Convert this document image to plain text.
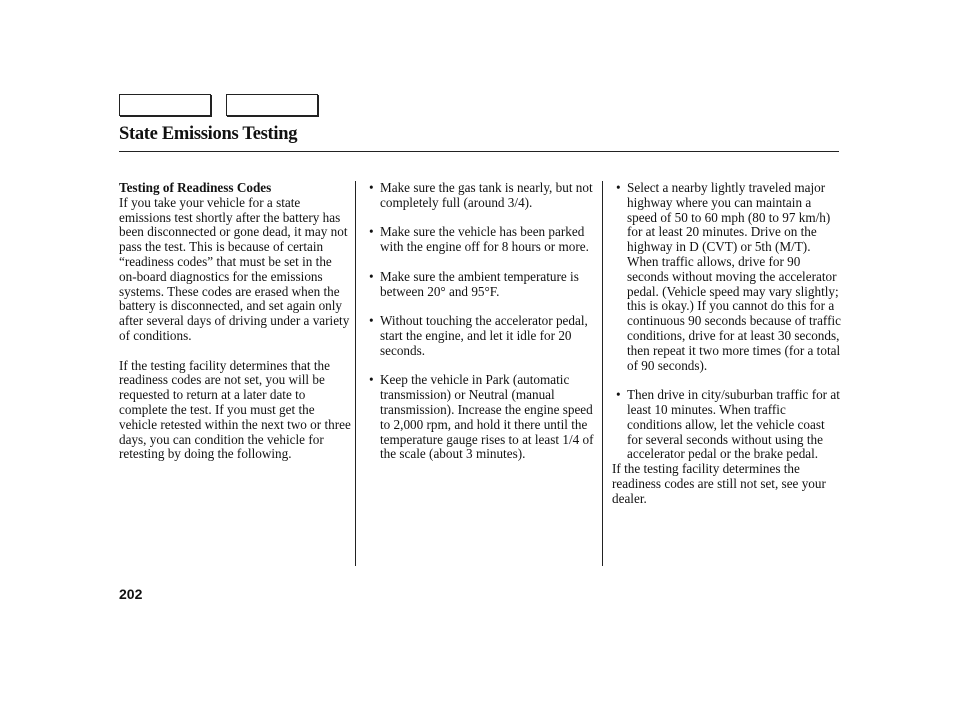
State Emissions Testing

Testing of Readiness Codes

If you take your vehicle for a state emissions test shortly after the battery has been disconnected or gone dead, it may not pass the test. This is because of certain “readiness codes” that must be set in the on-board diagnostics for the emissions systems. These codes are erased when the battery is disconnected, and set again only after several days of driving under a variety of conditions.

If the testing facility determines that the readiness codes are not set, you will be requested to return at a later date to complete the test. If you must get the vehicle retested within the next two or three days, you can condition the vehicle for retesting by doing the following.

• Make sure the gas tank is nearly, but not completely full (around 3/4).

• Make sure the vehicle has been parked with the engine off for 8 hours or more.

• Make sure the ambient temperature is between 20° and 95°F.

• Without touching the accelerator pedal, start the engine, and let it idle for 20 seconds.

• Keep the vehicle in Park (automatic transmission) or Neutral (manual transmission). Increase the engine speed to 2,000 rpm, and hold it there until the temperature gauge rises to at least 1/4 of the scale (about 3 minutes).

• Select a nearby lightly traveled major highway where you can maintain a speed of 50 to 60 mph (80 to 97 km/h) for at least 20 minutes. Drive on the highway in D (CVT) or 5th (M/T). When traffic allows, drive for 90 seconds without moving the accelerator pedal. (Vehicle speed may vary slightly; this is okay.) If you cannot do this for a continuous 90 seconds because of traffic conditions, drive for at least 30 seconds, then repeat it two more times (for a total of 90 seconds).

• Then drive in city/suburban traffic for at least 10 minutes. When traffic conditions allow, let the vehicle coast for several seconds without using the accelerator pedal or the brake pedal.

If the testing facility determines the readiness codes are still not set, see your dealer.

202
